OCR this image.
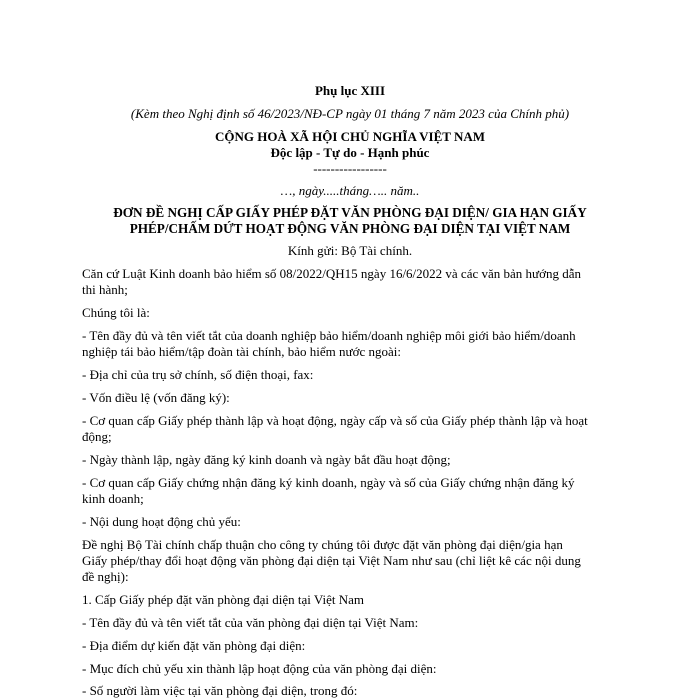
Phụ lục XIII
(Kèm theo Nghị định số 46/2023/NĐ-CP ngày 01 tháng 7 năm 2023 của Chính phủ)
CỘNG HOÀ XÃ HỘI CHỦ NGHĨA VIỆT NAM
Độc lập - Tự do - Hạnh phúc
-----------------
…, ngày.....tháng….. năm..
ĐƠN ĐỀ NGHỊ CẤP GIẤY PHÉP ĐẶT VĂN PHÒNG ĐẠI DIỆN/ GIA HẠN GIẤY
PHÉP/CHẤM DỨT HOẠT ĐỘNG VĂN PHÒNG ĐẠI DIỆN TẠI VIỆT NAM
Kính gửi: Bộ Tài chính.
Căn cứ Luật Kinh doanh bảo hiểm số 08/2022/QH15 ngày 16/6/2022 và các văn bản hướng dẫn
thi hành;
Chúng tôi là:
- Tên đầy đủ và tên viết tắt của doanh nghiệp bảo hiểm/doanh nghiệp môi giới bảo hiểm/doanh
nghiệp tái bảo hiểm/tập đoàn tài chính, bảo hiểm nước ngoài:
- Địa chỉ của trụ sở chính, số điện thoại, fax:
- Vốn điều lệ (vốn đăng ký):
- Cơ quan cấp Giấy phép thành lập và hoạt động, ngày cấp và số của Giấy phép thành lập và hoạt
động;
- Ngày thành lập, ngày đăng ký kinh doanh và ngày bắt đầu hoạt động;
- Cơ quan cấp Giấy chứng nhận đăng ký kinh doanh, ngày và số của Giấy chứng nhận đăng ký
kinh doanh;
- Nội dung hoạt động chủ yếu:
Đề nghị Bộ Tài chính chấp thuận cho công ty chúng tôi được đặt văn phòng đại diện/gia hạn
Giấy phép/thay đổi hoạt động văn phòng đại diện tại Việt Nam như sau (chỉ liệt kê các nội dung
đề nghị):
1. Cấp Giấy phép đặt văn phòng đại diện tại Việt Nam
- Tên đầy đủ và tên viết tắt của văn phòng đại diện tại Việt Nam:
- Địa điểm dự kiến đặt văn phòng đại diện:
- Mục đích chủ yếu xin thành lập hoạt động của văn phòng đại diện:
- Số người làm việc tại văn phòng đại diện, trong đó:
